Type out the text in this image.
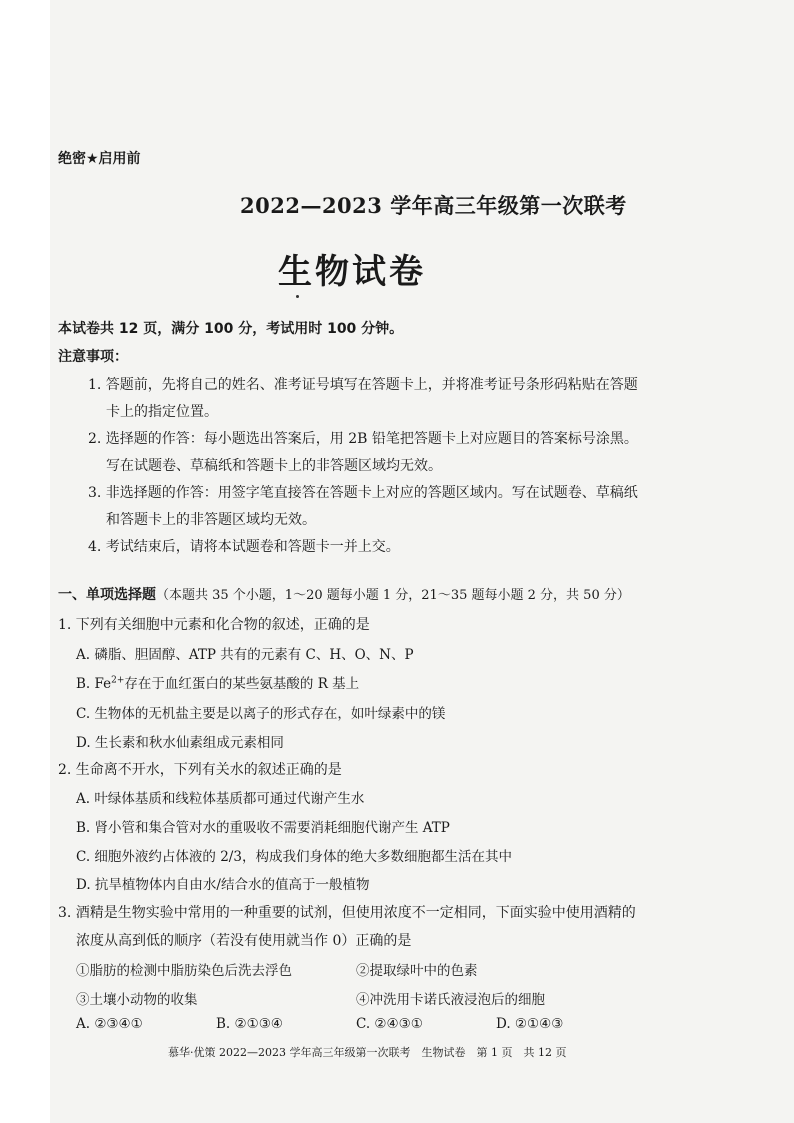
绝密★启用前
2022—2023 学年高三年级第一次联考
生物试卷
本试卷共 12 页，满分 100 分，考试用时 100 分钟。
注意事项：
1. 答题前，先将自己的姓名、准考证号填写在答题卡上，并将准考证号条形码粘贴在答题
卡上的指定位置。
2. 选择题的作答：每小题选出答案后，用 2B 铅笔把答题卡上对应题目的答案标号涂黑。
写在试题卷、草稿纸和答题卡上的非答题区域均无效。
3. 非选择题的作答：用签字笔直接答在答题卡上对应的答题区域内。写在试题卷、草稿纸
和答题卡上的非答题区域均无效。
4. 考试结束后，请将本试题卷和答题卡一并上交。
一、单项选择题（本题共 35 个小题，1～20 题每小题 1 分，21～35 题每小题 2 分，共 50 分）
1. 下列有关细胞中元素和化合物的叙述，正确的是
A. 磷脂、胆固醇、ATP 共有的元素有 C、H、O、N、P
B. $Fe^{2+}$存在于血红蛋白的某些氨基酸的 R 基上
C. 生物体的无机盐主要是以离子的形式存在，如叶绿素中的镁
D. 生长素和秋水仙素组成元素相同
2. 生命离不开水，下列有关水的叙述正确的是
A. 叶绿体基质和线粒体基质都可通过代谢产生水
B. 肾小管和集合管对水的重吸收不需要消耗细胞代谢产生 ATP
C. 细胞外液约占体液的 2/3，构成我们身体的绝大多数细胞都生活在其中
D. 抗旱植物体内自由水/结合水的值高于一般植物
3. 酒精是生物实验中常用的一种重要的试剂，但使用浓度不一定相同，下面实验中使用酒精的
浓度从高到低的顺序（若没有使用就当作 0）正确的是
①脂肪的检测中脂肪染色后洗去浮色	②提取绿叶中的色素
③土壤小动物的收集	④冲洗用卡诺氏液浸泡后的细胞
A. ②③④①	B. ②①③④	C. ②④③①	D. ②①④③
慕华·优策 2022—2023 学年高三年级第一次联考　生物试卷　第 1 页　共 12 页
